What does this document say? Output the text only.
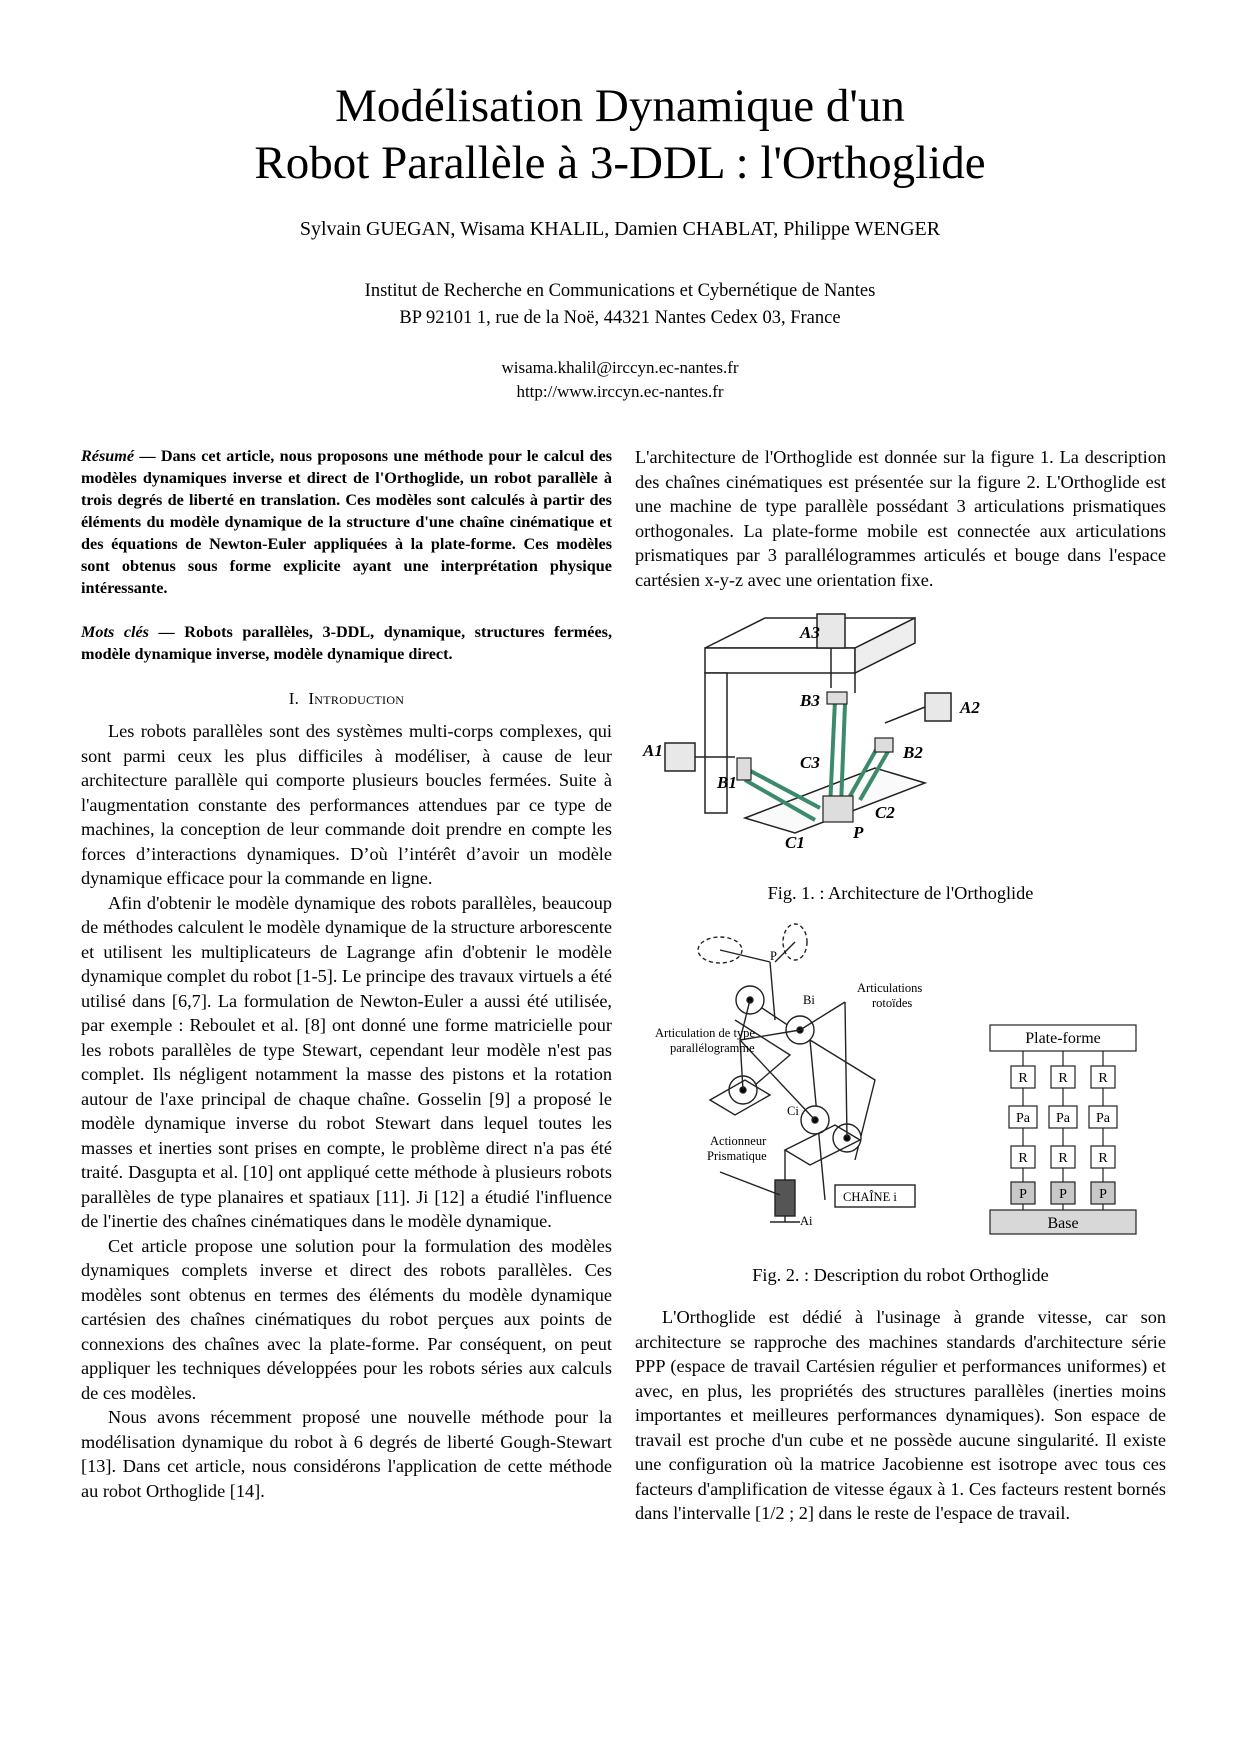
Modélisation Dynamique d'un
Robot Parallèle à 3-DDL : l'Orthoglide
Sylvain GUEGAN, Wisama KHALIL, Damien CHABLAT, Philippe WENGER
Institut de Recherche en Communications et Cybernétique de Nantes
BP 92101 1, rue de la Noë, 44321 Nantes Cedex 03, France
wisama.khalil@irccyn.ec-nantes.fr
http://www.irccyn.ec-nantes.fr

Résumé — Dans cet article, nous proposons une méthode pour le calcul des modèles dynamiques inverse et direct de l'Orthoglide, un robot parallèle à trois degrés de liberté en translation. Ces modèles sont calculés à partir des éléments du modèle dynamique de la structure d'une chaîne cinématique et des équations de Newton-Euler appliquées à la plate-forme. Ces modèles sont obtenus sous forme explicite ayant une interprétation physique intéressante.

Mots clés — Robots parallèles, 3-DDL, dynamique, structures fermées, modèle dynamique inverse, modèle dynamique direct.

I. Introduction

Les robots parallèles sont des systèmes multi-corps complexes, qui sont parmi ceux les plus difficiles à modéliser, à cause de leur architecture parallèle qui comporte plusieurs boucles fermées. Suite à l'augmentation constante des performances attendues par ce type de machines, la conception de leur commande doit prendre en compte les forces d’interactions dynamiques. D’où l’intérêt d’avoir un modèle dynamique efficace pour la commande en ligne.

Afin d'obtenir le modèle dynamique des robots parallèles, beaucoup de méthodes calculent le modèle dynamique de la structure arborescente et utilisent les multiplicateurs de Lagrange afin d'obtenir le modèle dynamique complet du robot [1-5]. Le principe des travaux virtuels a été utilisé dans [6,7]. La formulation de Newton-Euler a aussi été utilisée, par exemple : Reboulet et al. [8] ont donné une forme matricielle pour les robots parallèles de type Stewart, cependant leur modèle n'est pas complet. Ils négligent notamment la masse des pistons et la rotation autour de l'axe principal de chaque chaîne. Gosselin [9] a proposé le modèle dynamique inverse du robot Stewart dans lequel toutes les masses et inerties sont prises en compte, le problème direct n'a pas été traité. Dasgupta et al. [10] ont appliqué cette méthode à plusieurs robots parallèles de type planaires et spatiaux [11]. Ji [12] a étudié l'influence de l'inertie des chaînes cinématiques dans le modèle dynamique.

Cet article propose une solution pour la formulation des modèles dynamiques complets inverse et direct des robots parallèles. Ces modèles sont obtenus en termes des éléments du modèle dynamique cartésien des chaînes cinématiques du robot perçues aux points de connexions des chaînes avec la plate-forme. Par conséquent, on peut appliquer les techniques développées pour les robots séries aux calculs de ces modèles.

Nous avons récemment proposé une nouvelle méthode pour la modélisation dynamique du robot à 6 degrés de liberté Gough-Stewart [13]. Dans cet article, nous considérons l'application de cette méthode au robot Orthoglide [14].

L'architecture de l'Orthoglide est donnée sur la figure 1. La description des chaînes cinématiques est présentée sur la figure 2. L'Orthoglide est une machine de type parallèle possédant 3 articulations prismatiques orthogonales. La plate-forme mobile est connectée aux articulations prismatiques par 3 parallélogrammes articulés et bouge dans l'espace cartésien x-y-z avec une orientation fixe.

A3
A2
A1
B3
B2
B1
C3
C2
C1
P

Fig. 1. : Architecture de l'Orthoglide

P
Bi
Ci
Ai
Articulations
rotoïdes
Articulation de type
parallélogramme
Actionneur
Prismatique
CHAÎNE i
Plate-forme
R R R
Pa Pa Pa
R R R
P P P
Base

Fig. 2. : Description du robot Orthoglide

L'Orthoglide est dédié à l'usinage à grande vitesse, car son architecture se rapproche des machines standards d'architecture série PPP (espace de travail Cartésien régulier et performances uniformes) et avec, en plus, les propriétés des structures parallèles (inerties moins importantes et meilleures performances dynamiques). Son espace de travail est proche d'un cube et ne possède aucune singularité. Il existe une configuration où la matrice Jacobienne est isotrope avec tous ces facteurs d'amplification de vitesse égaux à 1. Ces facteurs restent bornés dans l'intervalle [1/2 ; 2] dans le reste de l'espace de travail.
